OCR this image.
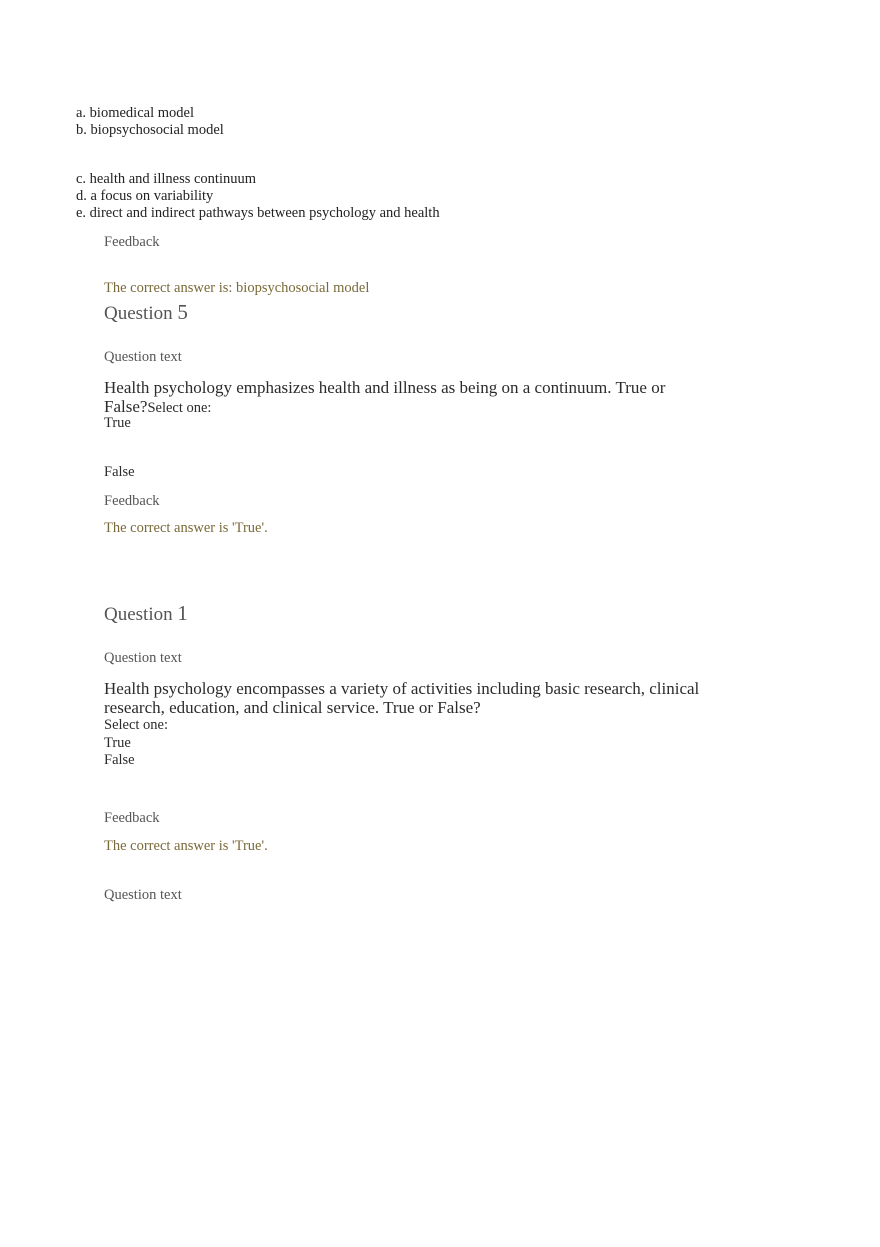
a. biomedical model
b. biopsychosocial model
c. health and illness continuum
d. a focus on variability
e. direct and indirect pathways between psychology and health
Feedback
The correct answer is: biopsychosocial model
Question 5
Question text
Health psychology emphasizes health and illness as being on a continuum. True or False?Select one:
True
False
Feedback
The correct answer is 'True'.
Question 1
Question text
Health psychology encompasses a variety of activities including basic research, clinical research, education, and clinical service. True or False?
Select one:
True
False
Feedback
The correct answer is 'True'.
Question text
